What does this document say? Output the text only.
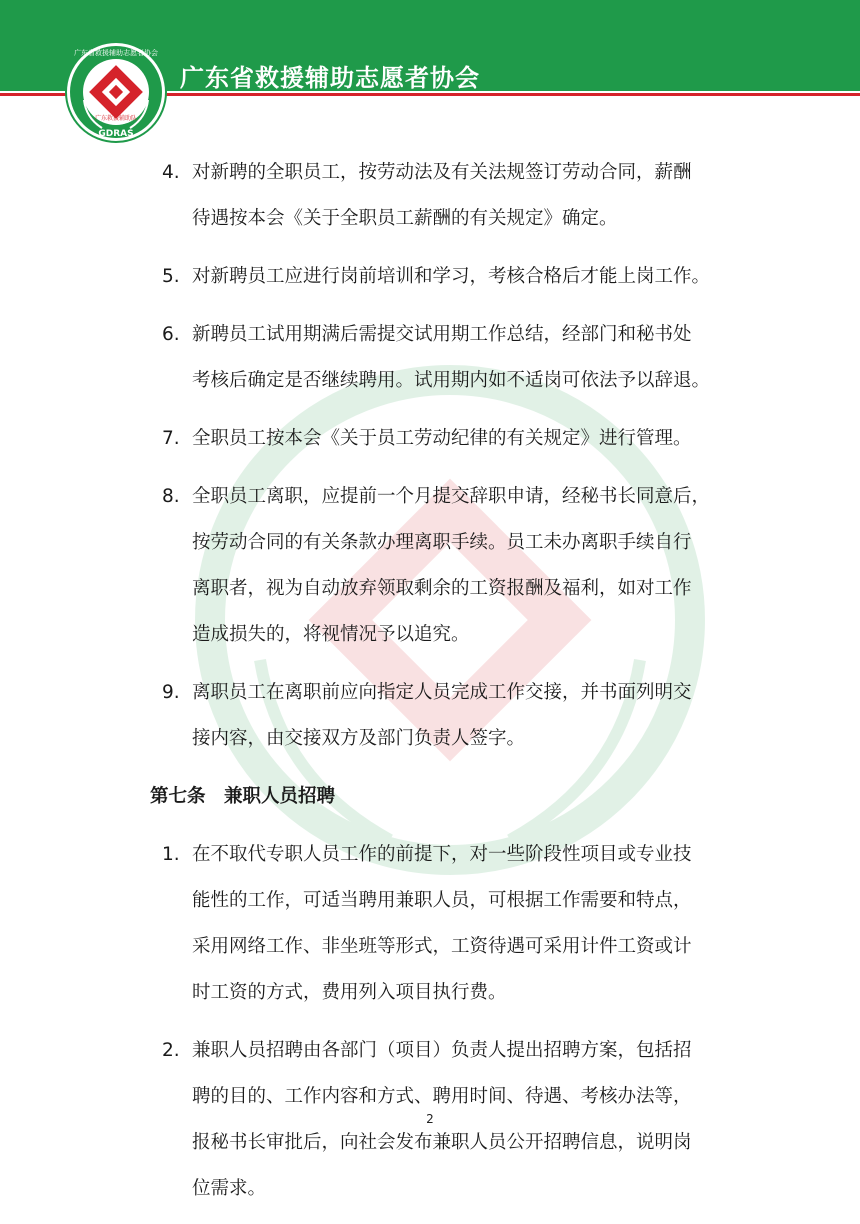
广东省救援辅助志愿者协会
广东救援辅助队
GDRAS
广东省救援辅助志愿者协会
4. 对新聘的全职员工，按劳动法及有关法规签订劳动合同，薪酬
待遇按本会《关于全职员工薪酬的有关规定》确定。
5. 对新聘员工应进行岗前培训和学习，考核合格后才能上岗工作。
6. 新聘员工试用期满后需提交试用期工作总结，经部门和秘书处
考核后确定是否继续聘用。试用期内如不适岗可依法予以辞退。
7. 全职员工按本会《关于员工劳动纪律的有关规定》进行管理。
8. 全职员工离职，应提前一个月提交辞职申请，经秘书长同意后，
按劳动合同的有关条款办理离职手续。员工未办离职手续自行
离职者，视为自动放弃领取剩余的工资报酬及福利，如对工作
造成损失的，将视情况予以追究。
9. 离职员工在离职前应向指定人员完成工作交接，并书面列明交
接内容，由交接双方及部门负责人签字。
第七条　兼职人员招聘
1. 在不取代专职人员工作的前提下，对一些阶段性项目或专业技
能性的工作，可适当聘用兼职人员，可根据工作需要和特点，
采用网络工作、非坐班等形式，工资待遇可采用计件工资或计
时工资的方式，费用列入项目执行费。
2. 兼职人员招聘由各部门（项目）负责人提出招聘方案，包括招
聘的目的、工作内容和方式、聘用时间、待遇、考核办法等，
报秘书长审批后，向社会发布兼职人员公开招聘信息，说明岗
位需求。
2
